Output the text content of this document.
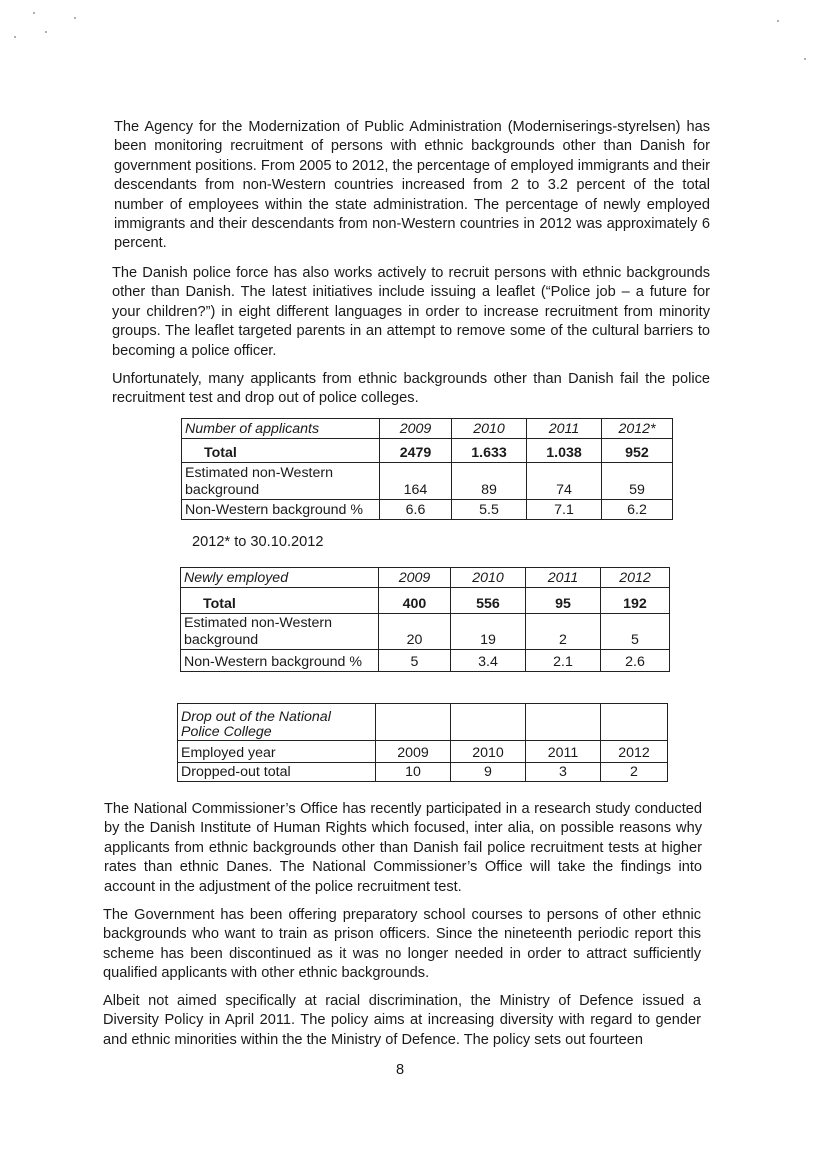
The Agency for the Modernization of Public Administration (Moderniserings-styrelsen) has been monitoring recruitment of persons with ethnic backgrounds other than Danish for government positions. From 2005 to 2012, the percentage of employed immigrants and their descendants from non-Western countries increased from 2 to 3.2 percent of the total number of employees within the state administration. The percentage of newly employed immigrants and their descendants from non-Western countries in 2012 was approximately 6 percent.

The Danish police force has also works actively to recruit persons with ethnic backgrounds other than Danish. The latest initiatives include issuing a leaflet (“Police job – a future for your children?”) in eight different languages in order to increase recruitment from minority groups. The leaflet targeted parents in an attempt to remove some of the cultural barriers to becoming a police officer.

Unfortunately, many applicants from ethnic backgrounds other than Danish fail the police recruitment test and drop out of police colleges.

Number of applicants	2009	2010	2011	2012*
Total	2479	1.633	1.038	952
Estimated non-Western background	164	89	74	59
Non-Western background %	6.6	5.5	7.1	6.2
2012* to 30.10.2012
Newly employed	2009	2010	2011	2012
Total	400	556	95	192
Estimated non-Western background	20	19	2	5
Non-Western background %	5	3.4	2.1	2.6
Drop out of the National Police College				
Employed year	2009	2010	2011	2012
Dropped-out total	10	9	3	2

The National Commissioner’s Office has recently participated in a research study conducted by the Danish Institute of Human Rights which focused, inter alia, on possible reasons why applicants from ethnic backgrounds other than Danish fail police recruitment tests at higher rates than ethnic Danes. The National Commissioner’s Office will take the findings into account in the adjustment of the police recruitment test.

The Government has been offering preparatory school courses to persons of other ethnic backgrounds who want to train as prison officers. Since the nineteenth periodic report this scheme has been discontinued as it was no longer needed in order to attract sufficiently qualified applicants with other ethnic backgrounds.

Albeit not aimed specifically at racial discrimination, the Ministry of Defence issued a Diversity Policy in April 2011. The policy aims at increasing diversity with regard to gender and ethnic minorities within the the Ministry of Defence. The policy sets out fourteen

8
